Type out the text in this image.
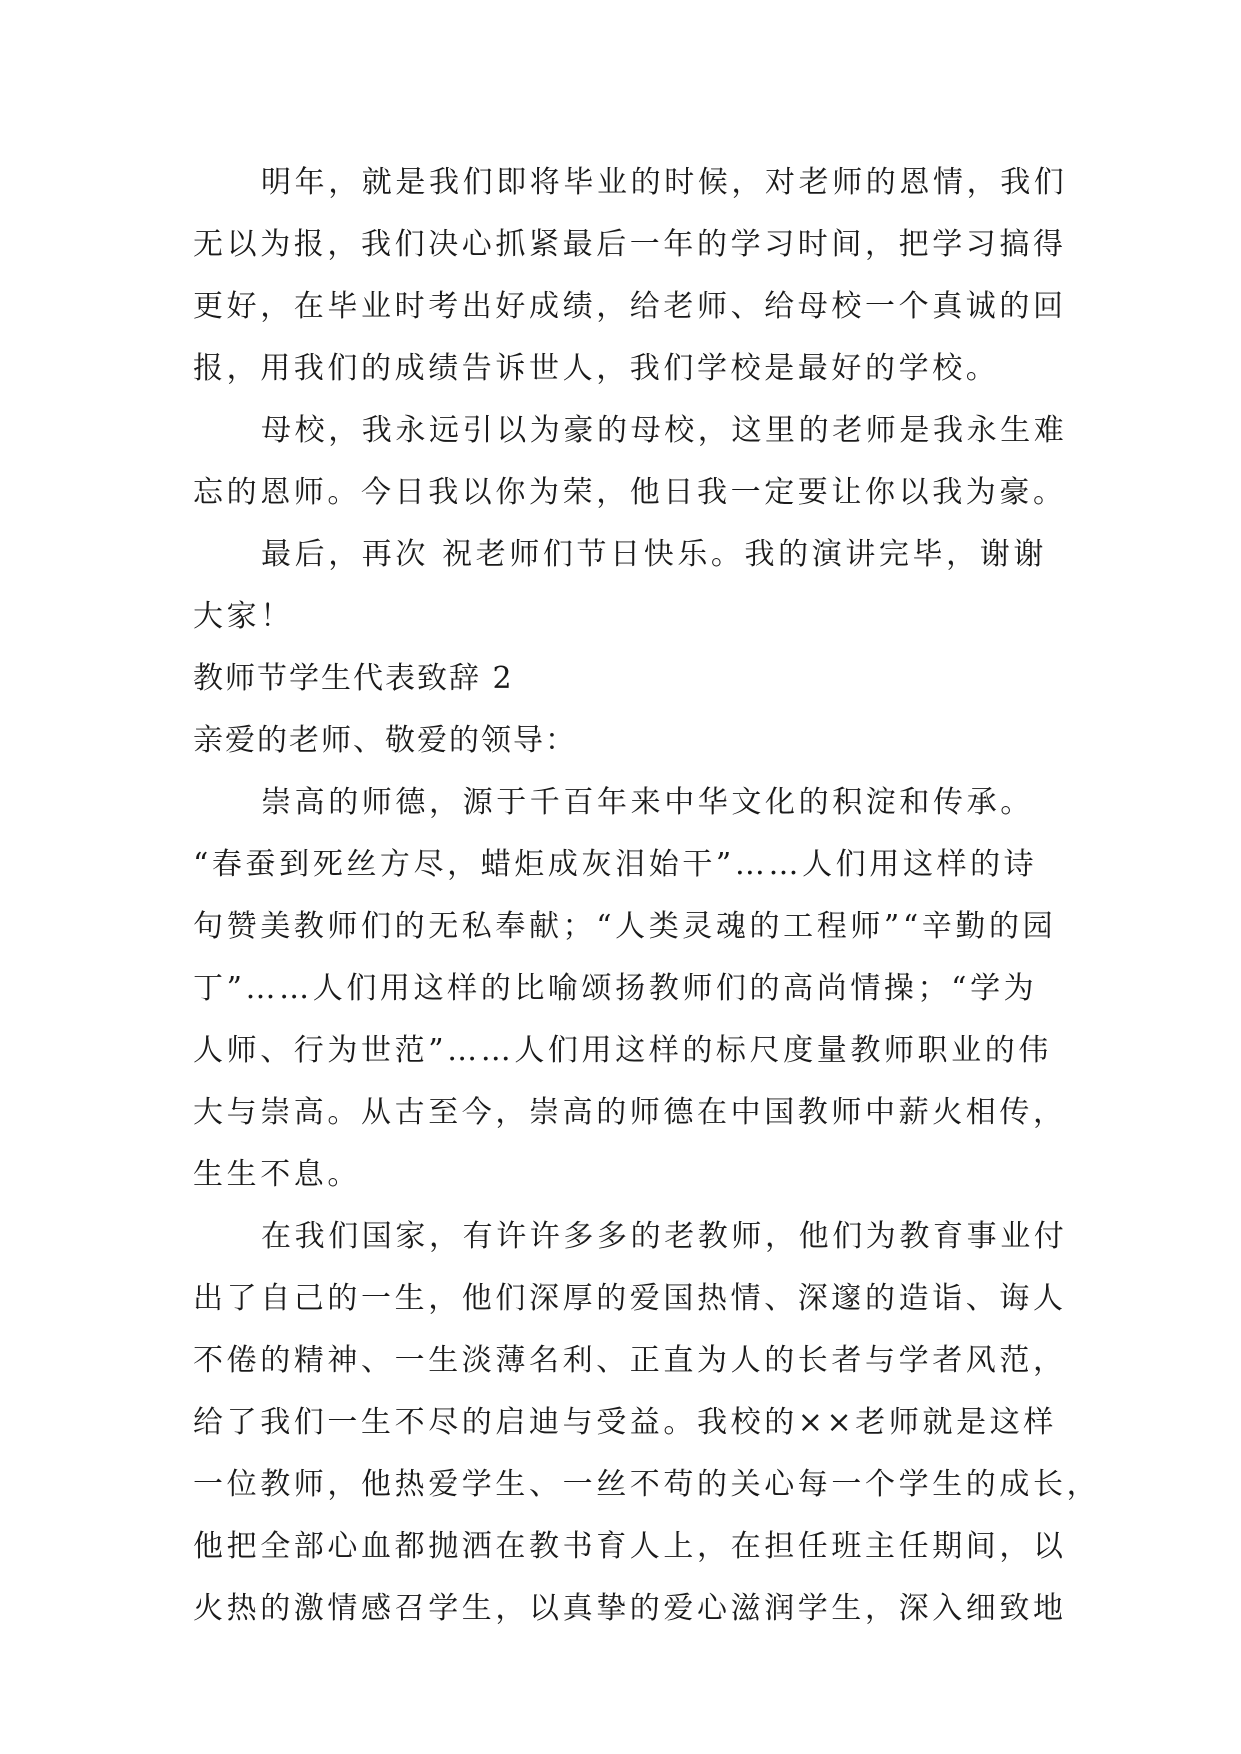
明年，就是我们即将毕业的时候，对老师的恩情，我们
无以为报，我们决心抓紧最后一年的学习时间，把学习搞得
更好，在毕业时考出好成绩，给老师、给母校一个真诚的回
报，用我们的成绩告诉世人，我们学校是最好的学校。
母校，我永远引以为豪的母校，这里的老师是我永生难
忘的恩师。今日我以你为荣，他日我一定要让你以我为豪。
最后，再次 祝老师们节日快乐。我的演讲完毕，谢谢
大家！
教师节学生代表致辞 2
亲爱的老师、敬爱的领导：
崇高的师德，源于千百年来中华文化的积淀和传承。
“春蚕到死丝方尽，蜡炬成灰泪始干”……人们用这样的诗
句赞美教师们的无私奉献；“人类灵魂的工程师”“辛勤的园
丁”……人们用这样的比喻颂扬教师们的高尚情操；“学为
人师、行为世范”……人们用这样的标尺度量教师职业的伟
大与崇高。从古至今，崇高的师德在中国教师中薪火相传，
生生不息。
在我们国家，有许许多多的老教师，他们为教育事业付
出了自己的一生，他们深厚的爱国热情、深邃的造诣、诲人
不倦的精神、一生淡薄名利、正直为人的长者与学者风范，
给了我们一生不尽的启迪与受益。我校的××老师就是这样
一位教师，他热爱学生、一丝不苟的关心每一个学生的成长，
他把全部心血都抛洒在教书育人上，在担任班主任期间，以
火热的激情感召学生，以真挚的爱心滋润学生，深入细致地
